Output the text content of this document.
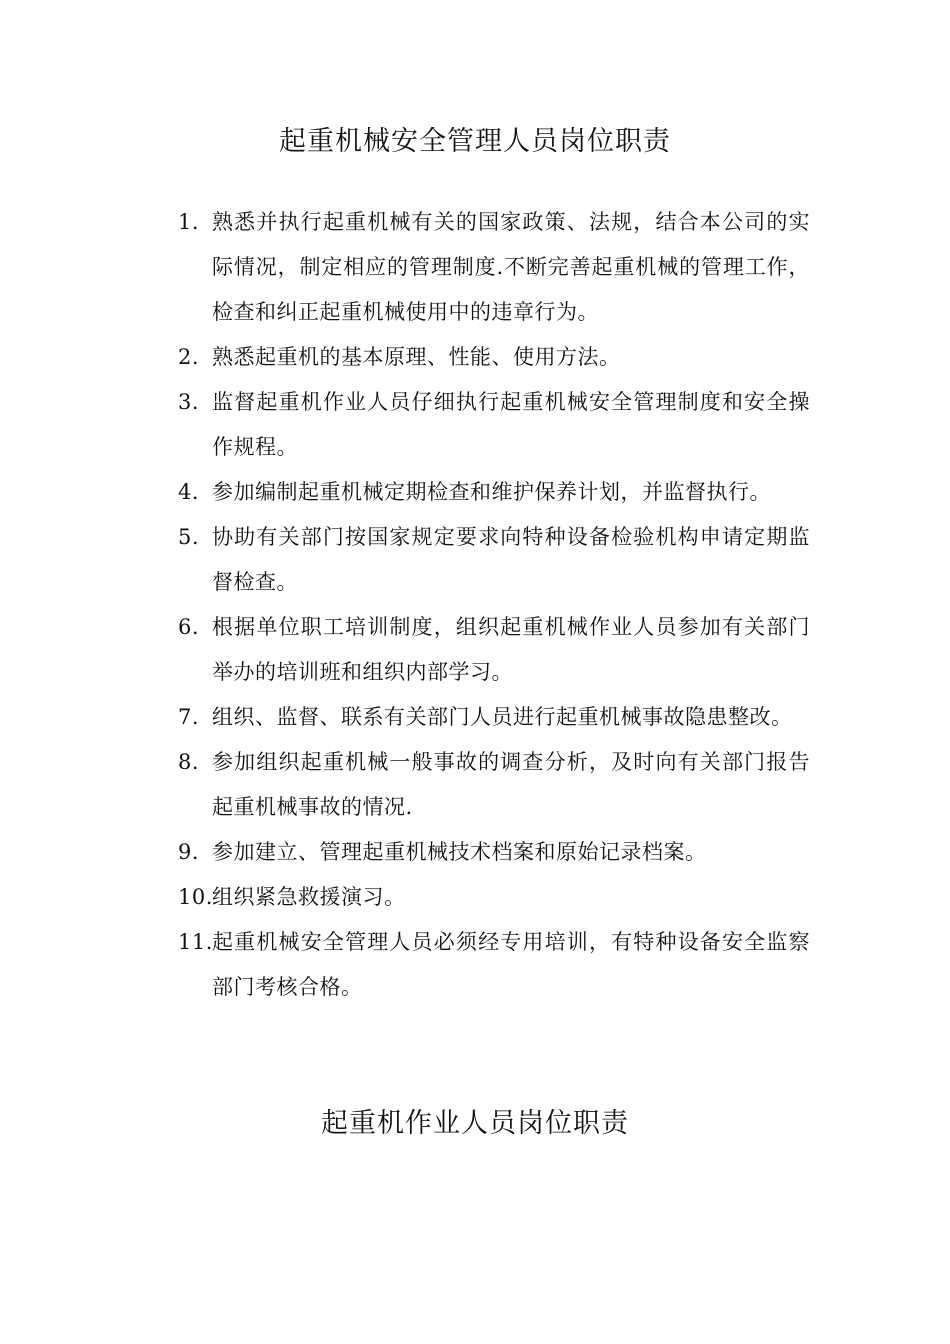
起重机械安全管理人员岗位职责
1. 熟悉并执行起重机械有关的国家政策、法规，结合本公司的实际情况，制定相应的管理制度.不断完善起重机械的管理工作，检查和纠正起重机械使用中的违章行为。
2. 熟悉起重机的基本原理、性能、使用方法。
3. 监督起重机作业人员仔细执行起重机械安全管理制度和安全操作规程。
4. 参加编制起重机械定期检查和维护保养计划，并监督执行。
5. 协助有关部门按国家规定要求向特种设备检验机构申请定期监督检查。
6. 根据单位职工培训制度，组织起重机械作业人员参加有关部门举办的培训班和组织内部学习。
7. 组织、监督、联系有关部门人员进行起重机械事故隐患整改。
8. 参加组织起重机械一般事故的调查分析，及时向有关部门报告起重机械事故的情况.
9. 参加建立、管理起重机械技术档案和原始记录档案。
10. 组织紧急救援演习。
11. 起重机械安全管理人员必须经专用培训，有特种设备安全监察部门考核合格。
起重机作业人员岗位职责
